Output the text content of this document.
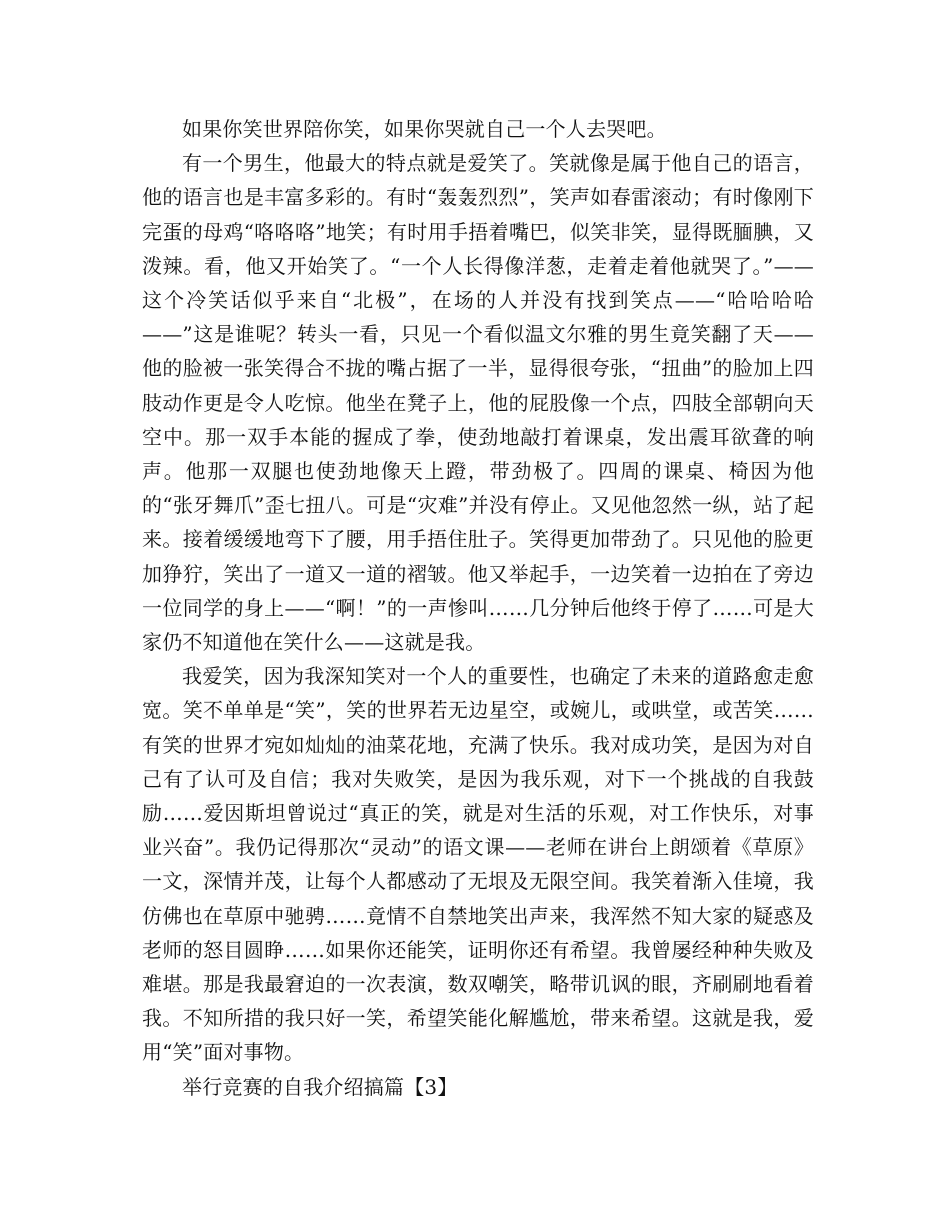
如果你笑世界陪你笑，如果你哭就自己一个人去哭吧。

有一个男生，他最大的特点就是爱笑了。笑就像是属于他自己的语言，他的语言也是丰富多彩的。有时“轰轰烈烈”，笑声如春雷滚动；有时像刚下完蛋的母鸡“咯咯咯”地笑；有时用手捂着嘴巴，似笑非笑，显得既腼腆，又泼辣。看，他又开始笑了。“一个人长得像洋葱，走着走着他就哭了。”——这个冷笑话似乎来自“北极”，在场的人并没有找到笑点——“哈哈哈哈——”这是谁呢？转头一看，只见一个看似温文尔雅的男生竟笑翻了天——他的脸被一张笑得合不拢的嘴占据了一半，显得很夸张，“扭曲”的脸加上四肢动作更是令人吃惊。他坐在凳子上，他的屁股像一个点，四肢全部朝向天空中。那一双手本能的握成了拳，使劲地敲打着课桌，发出震耳欲聋的响声。他那一双腿也使劲地像天上蹬，带劲极了。四周的课桌、椅因为他的“张牙舞爪”歪七扭八。可是“灾难”并没有停止。又见他忽然一纵，站了起来。接着缓缓地弯下了腰，用手捂住肚子。笑得更加带劲了。只见他的脸更加狰狞，笑出了一道又一道的褶皱。他又举起手，一边笑着一边拍在了旁边一位同学的身上——“啊！”的一声惨叫……几分钟后他终于停了……可是大家仍不知道他在笑什么——这就是我。

我爱笑，因为我深知笑对一个人的重要性，也确定了未来的道路愈走愈宽。笑不单单是“笑”，笑的世界若无边星空，或婉儿，或哄堂，或苦笑……有笑的世界才宛如灿灿的油菜花地，充满了快乐。我对成功笑，是因为对自己有了认可及自信；我对失败笑，是因为我乐观，对下一个挑战的自我鼓励……爱因斯坦曾说过“真正的笑，就是对生活的乐观，对工作快乐，对事业兴奋”。我仍记得那次“灵动”的语文课——老师在讲台上朗颂着《草原》一文，深情并茂，让每个人都感动了无垠及无限空间。我笑着渐入佳境，我仿佛也在草原中驰骋……竟情不自禁地笑出声来，我浑然不知大家的疑惑及老师的怒目圆睁……如果你还能笑，证明你还有希望。我曾屡经种种失败及难堪。那是我最窘迫的一次表演，数双嘲笑，略带讥讽的眼，齐刷刷地看着我。不知所措的我只好一笑，希望笑能化解尴尬，带来希望。这就是我，爱用“笑”面对事物。

举行竞赛的自我介绍搞篇【3】
